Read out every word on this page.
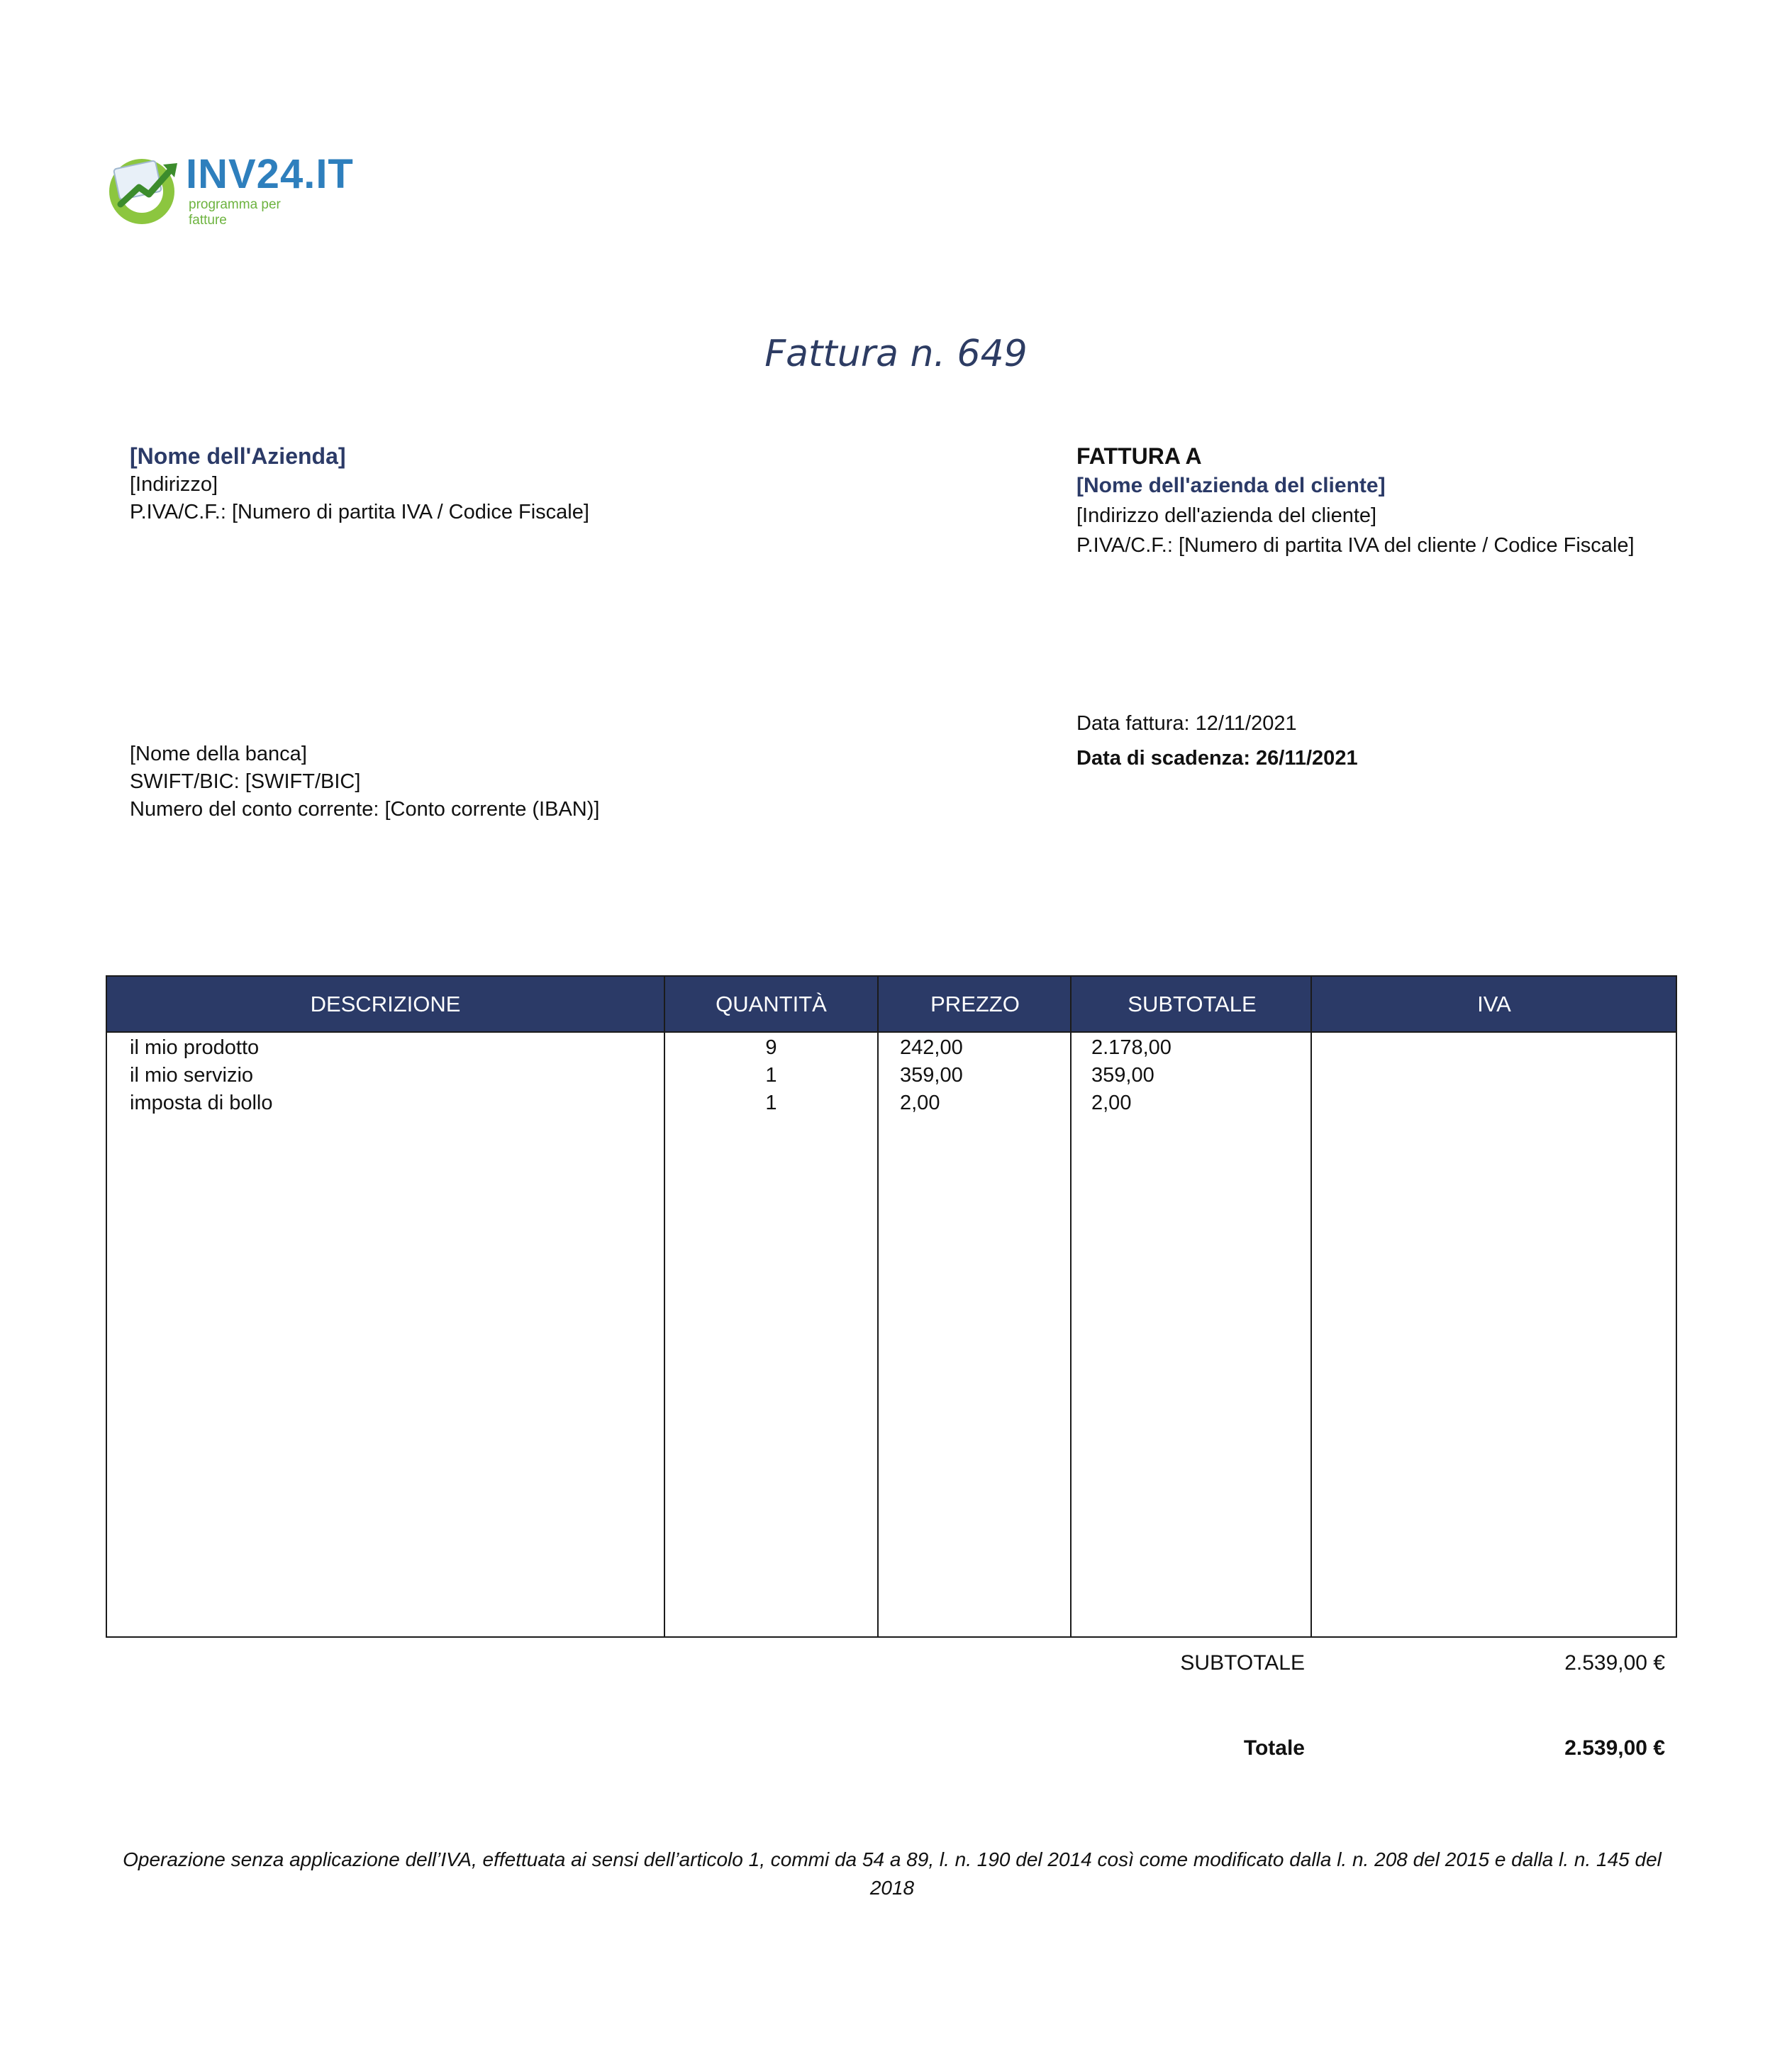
INV24.IT
programma per fatture
Fattura n. 649
[Nome dell'Azienda]
[Indirizzo]
P.IVA/C.F.: [Numero di partita IVA / Codice Fiscale]
FATTURA A
[Nome dell'azienda del cliente]
[Indirizzo dell'azienda del cliente]
P.IVA/C.F.: [Numero di partita IVA del cliente / Codice Fiscale]
[Nome della banca]
SWIFT/BIC: [SWIFT/BIC]
Numero del conto corrente: [Conto corrente (IBAN)]
Data fattura: 12/11/2021
Data di scadenza: 26/11/2021
DESCRIZIONE	QUANTITÀ	PREZZO	SUBTOTALE	IVA
il mio prodotto	9	242,00	2.178,00
il mio servizio	1	359,00	359,00
imposta di bollo	1	2,00	2,00
SUBTOTALE	2.539,00 €
Totale	2.539,00 €
Operazione senza applicazione dell’IVA, effettuata ai sensi dell’articolo 1, commi da 54 a 89, l. n. 190 del 2014 così come modificato dalla l. n. 208 del 2015 e dalla l. n. 145 del
2018
